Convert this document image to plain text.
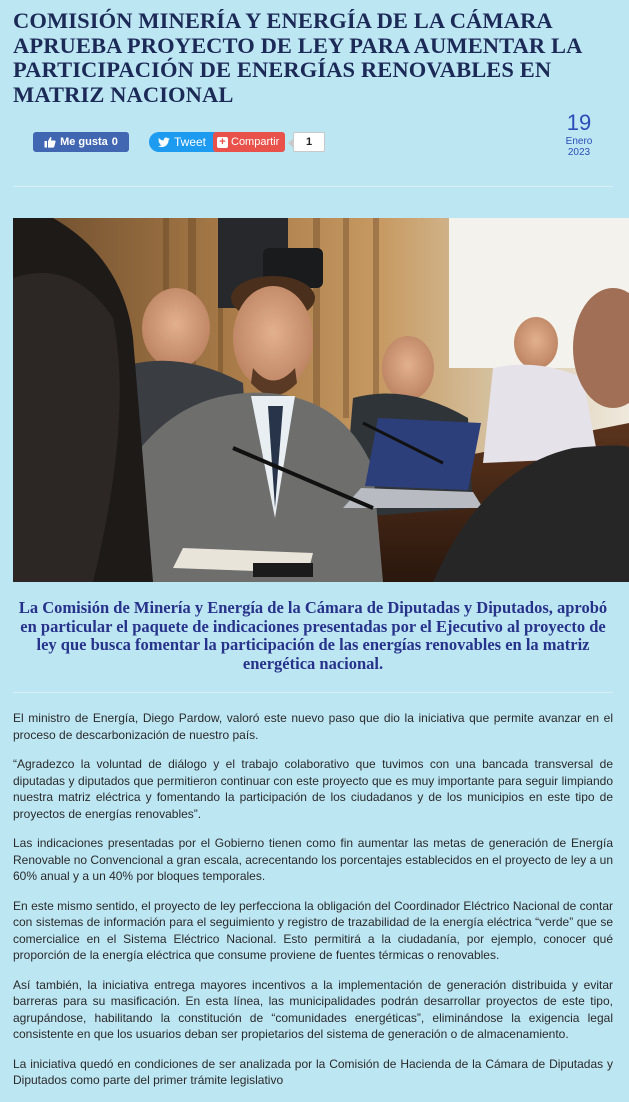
COMISIÓN MINERÍA Y ENERGÍA DE LA CÁMARA APRUEBA PROYECTO DE LEY PARA AUMENTAR LA PARTICIPACIÓN DE ENERGÍAS RENOVABLES EN MATRIZ NACIONAL
Me gusta 0	Tweet + Compartir	1
19
Enero
2023

La Comisión de Minería y Energía de la Cámara de Diputadas y Diputados, aprobó en particular el paquete de indicaciones presentadas por el Ejecutivo al proyecto de ley que busca fomentar la participación de las energías renovables en la matriz energética nacional.

El ministro de Energía, Diego Pardow, valoró este nuevo paso que dio la iniciativa que permite avanzar en el proceso de descarbonización de nuestro país.

“Agradezco la voluntad de diálogo y el trabajo colaborativo que tuvimos con una bancada transversal de diputadas y diputados que permitieron continuar con este proyecto que es muy importante para seguir limpiando nuestra matriz eléctrica y fomentando la participación de los ciudadanos y de los municipios en este tipo de proyectos de energías renovables”.

Las indicaciones presentadas por el Gobierno tienen como fin aumentar las metas de generación de Energía Renovable no Convencional a gran escala, acrecentando los porcentajes establecidos en el proyecto de ley a un 60% anual y a un 40% por bloques temporales.

En este mismo sentido, el proyecto de ley perfecciona la obligación del Coordinador Eléctrico Nacional de contar con sistemas de información para el seguimiento y registro de trazabilidad de la energía eléctrica “verde” que se comercialice en el Sistema Eléctrico Nacional. Esto permitirá a la ciudadanía, por ejemplo, conocer qué proporción de la energía eléctrica que consume proviene de fuentes térmicas o renovables.

Así también, la iniciativa entrega mayores incentivos a la implementación de generación distribuida y evitar barreras para su masificación. En esta línea, las municipalidades podrán desarrollar proyectos de este tipo, agrupándose, habilitando la constitución de “comunidades energéticas”, eliminándose la exigencia legal consistente en que los usuarios deban ser propietarios del sistema de generación o de almacenamiento.

La iniciativa quedó en condiciones de ser analizada por la Comisión de Hacienda de la Cámara de Diputadas y Diputados como parte del primer trámite legislativo
